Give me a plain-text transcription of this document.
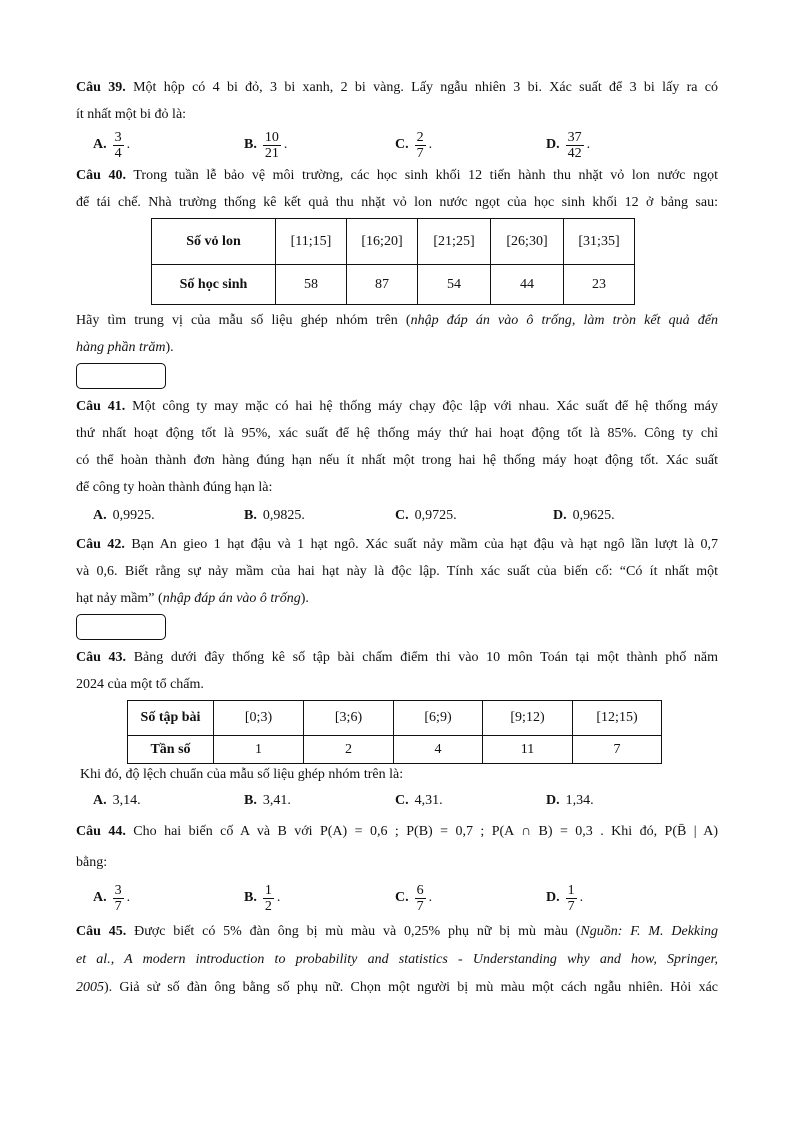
Câu 39. Một hộp có 4 bi đỏ, 3 bi xanh, 2 bi vàng. Lấy ngẫu nhiên 3 bi. Xác suất để 3 bi lấy ra có

ít nhất một bi đỏ là:

A. $\frac{3}{4}$ .	B. $\frac{10}{21}$ .	C. $\frac{2}{7}$ .	D. $\frac{37}{42}$ .

Câu 40. Trong tuần lễ bảo vệ môi trường, các học sinh khối 12 tiến hành thu nhặt vỏ lon nước ngọt

để tái chế. Nhà trường thống kê kết quả thu nhặt vỏ lon nước ngọt của học sinh khối 12 ở bảng sau:

Số vỏ lon	[11;15]	[16;20]	[21;25]	[26;30]	[31;35]
Số học sinh	58	87	54	44	23

Hãy tìm trung vị của mẫu số liệu ghép nhóm trên (nhập đáp án vào ô trống, làm tròn kết quả đến

hàng phần trăm).

Câu 41. Một công ty may mặc có hai hệ thống máy chạy độc lập với nhau. Xác suất để hệ thống máy

thứ nhất hoạt động tốt là 95%, xác suất để hệ thống máy thứ hai hoạt động tốt là 85%. Công ty chỉ

có thể hoàn thành đơn hàng đúng hạn nếu ít nhất một trong hai hệ thống máy hoạt động tốt. Xác suất

để công ty hoàn thành đúng hạn là:

A. 0,9925.	B. 0,9825.	C. 0,9725.	D. 0,9625.

Câu 42. Bạn An gieo 1 hạt đậu và 1 hạt ngô. Xác suất nảy mầm của hạt đậu và hạt ngô lần lượt là 0,7

và 0,6. Biết rằng sự nảy mầm của hai hạt này là độc lập. Tính xác suất của biến cố: “Có ít nhất một

hạt nảy mầm” (nhập đáp án vào ô trống).

Câu 43. Bảng dưới đây thống kê số tập bài chấm điểm thi vào 10 môn Toán tại một thành phố năm

2024 của một tổ chấm.

Số tập bài	[0;3)	[3;6)	[6;9)	[9;12)	[12;15)
Tần số	1	2	4	11	7

Khi đó, độ lệch chuẩn của mẫu số liệu ghép nhóm trên là:

A. 3,14.	B. 3,41.	C. 4,31.	D. 1,34.

Câu 44. Cho hai biến cố A và B với P(A) = 0,6 ; P(B) = 0,7 ; P(A ∩ B) = 0,3 . Khi đó, P(B̄ | A)

bằng:

A. $\frac{3}{7}$ .	B. $\frac{1}{2}$ .	C. $\frac{6}{7}$ .	D. $\frac{1}{7}$ .

Câu 45. Được biết có 5% đàn ông bị mù màu và 0,25% phụ nữ bị mù màu (Nguồn: F. M. Dekking

et al., A modern introduction to probability and statistics - Understanding why and how, Springer,

2005). Giả sử số đàn ông bằng số phụ nữ. Chọn một người bị mù màu một cách ngẫu nhiên. Hỏi xác
